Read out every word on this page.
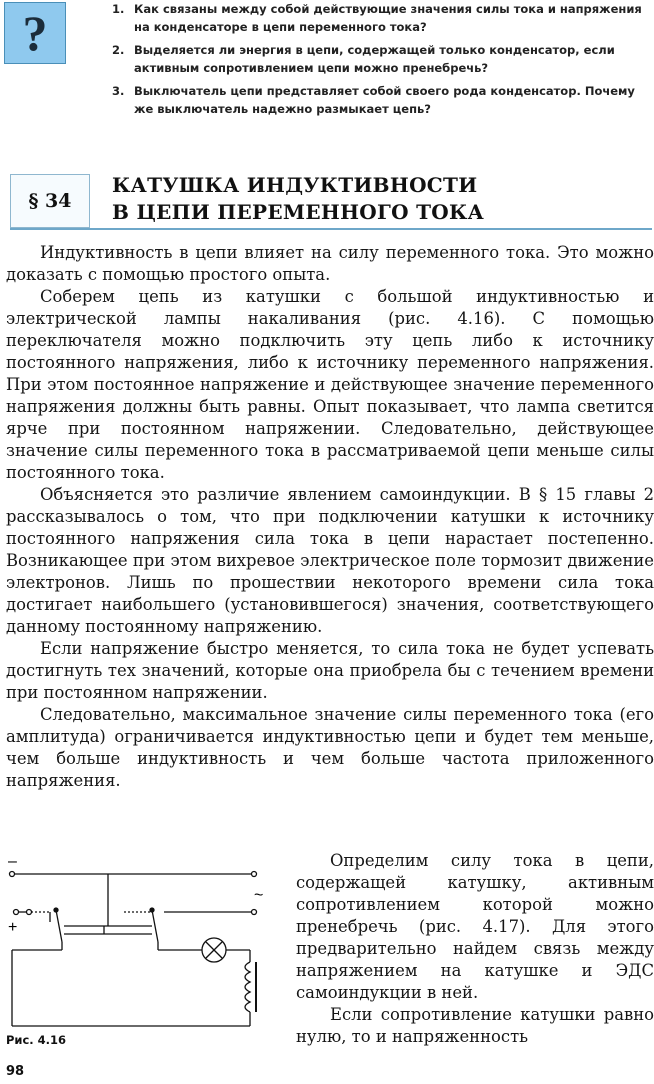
?	1. Как связаны между собой действующие значения силы тока и напряжения на конденсаторе в цепи переменного тока?
2. Выделяется ли энергия в цепи, содержащей только конденсатор, если активным сопротивлением цепи можно пренебречь?
3. Выключатель цепи представляет собой своего рода конденсатор. Почему же выключатель надежно размыкает цепь?
§ 34
КАТУШКА ИНДУКТИВНОСТИ
В ЦЕПИ ПЕРЕМЕННОГО ТОКА

Индуктивность в цепи влияет на силу переменного тока. Это можно доказать с помощью простого опыта.

Соберем цепь из катушки с большой индуктивностью и электрической лампы накаливания (рис. 4.16). С помощью переключателя можно подключить эту цепь либо к источнику постоянного напряжения, либо к источнику переменного напряжения. При этом постоянное напряжение и действующее значение переменного напряжения должны быть равны. Опыт показывает, что лампа светится ярче при постоянном напряжении. Следовательно, действующее значение силы переменного тока в рассматриваемой цепи меньше силы постоянного тока.

Объясняется это различие явлением самоиндукции. В § 15 главы 2 рассказывалось о том, что при подключении катушки к источнику постоянного напряжения сила тока в цепи нарастает постепенно. Возникающее при этом вихревое электрическое поле тормозит движение электронов. Лишь по прошествии некоторого времени сила тока достигает наибольшего (установившегося) значения, соответствующего данному постоянному напряжению.

Если напряжение быстро меняется, то сила тока не будет успевать достигнуть тех значений, которые она приобрела бы с течением времени при постоянном напряжении.

Следовательно, максимальное значение силы переменного тока (его амплитуда) ограничивается индуктивностью цепи и будет тем меньше, чем больше индуктивность и чем больше частота приложенного напряжения.

–
+
~
Рис. 4.16

Определим силу тока в цепи, содержащей катушку, активным сопротивлением которой можно пренебречь (рис. 4.17). Для этого предварительно найдем связь между напряжением на катушке и ЭДС самоиндукции в ней.

Если сопротивление катушки равно нулю, то и напряженность

98
